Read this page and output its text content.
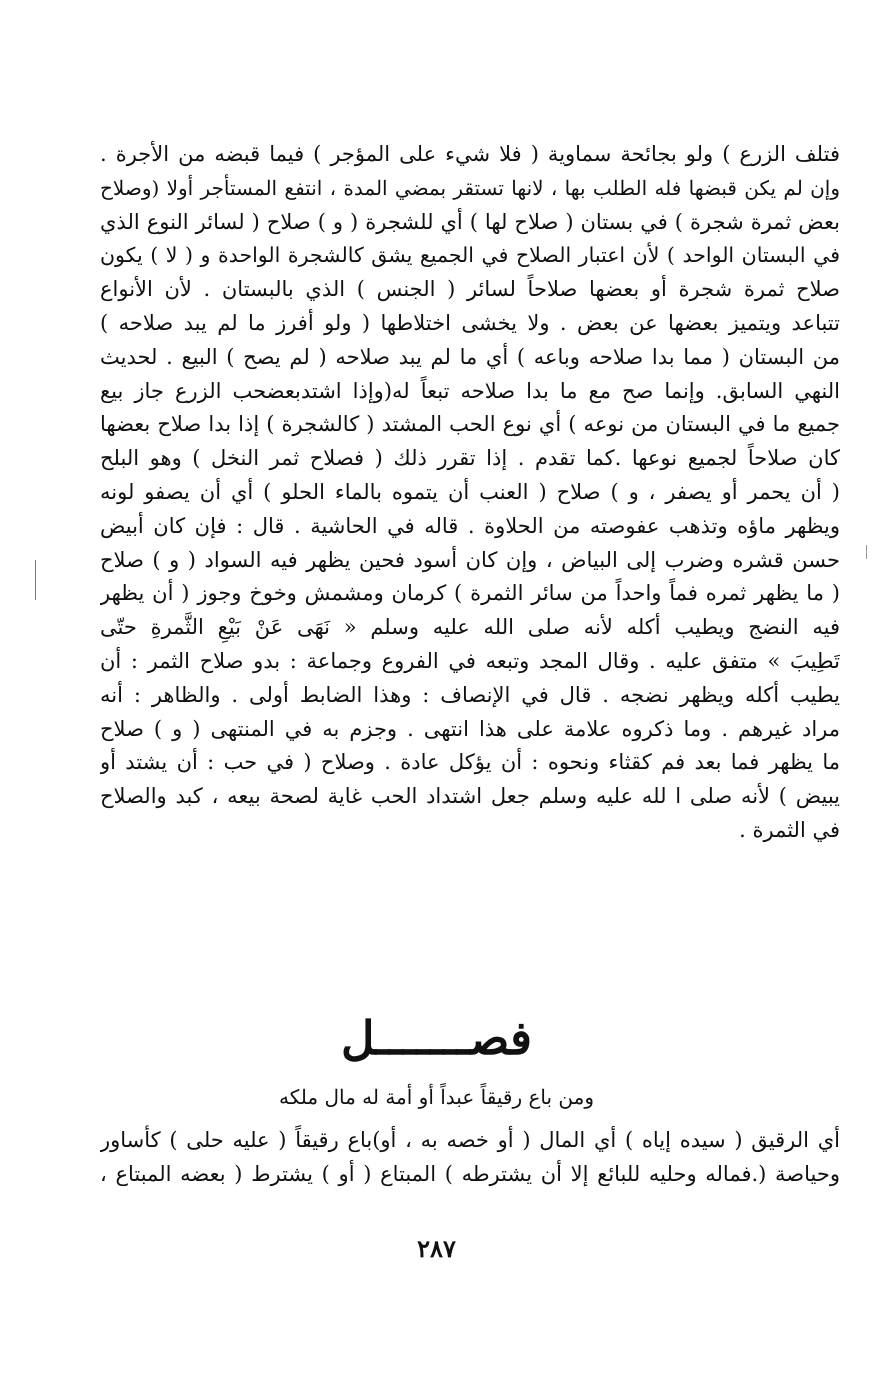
فتلف الزرع ) ولو بجائحة سماوية ( فلا شيء على المؤجر ) فيما قبضه من الأجرة .
وإن لم يكن قبضها فله الطلب بها ، لانها تستقر بمضي المدة ، انتفع المستأجر أولا (وصلاح
بعض ثمرة شجرة ) في بستان ( صلاح لها ) أي للشجرة ( و ) صلاح ( لسائر النوع الذي
في البستان الواحد ) لأن اعتبار الصلاح في الجميع يشق كالشجرة الواحدة و ( لا ) يكون
صلاح ثمرة شجرة أو بعضها صلاحاً لسائر ( الجنس ) الذي بالبستان . لأن الأنواع
تتباعد ويتميز بعضها عن بعض . ولا يخشى اختلاطها ( ولو أفرز ما لم يبد صلاحه )
من البستان ( مما بدا صلاحه وباعه ) أي ما لم يبد صلاحه ( لم يصح ) البيع . لحديث
النهي السابق. وإنما صح مع ما بدا صلاحه تبعاً له(وإذا اشتدبعضحب الزرع جاز بيع
جميع ما في البستان من نوعه ) أي نوع الحب المشتد ( كالشجرة ) إذا بدا صلاح بعضها
كان صلاحاً لجميع نوعها .كما تقدم . إذا تقرر ذلك ( فصلاح ثمر النخل ) وهو البلح
( أن يحمر أو يصفر ، و ) صلاح ( العنب أن يتموه بالماء الحلو ) أي أن يصفو لونه
ويظهر ماؤه وتذهب عفوصته من الحلاوة . قاله في الحاشية . قال : فإن كان أبيض
حسن قشره وضرب إلى البياض ، وإن كان أسود فحين يظهر فيه السواد ( و ) صلاح
( ما يظهر ثمره فماً واحداً من سائر الثمرة ) كرمان ومشمش وخوخ وجوز ( أن يظهر
فيه النضج ويطيب أكله لأنه صلى الله عليه وسلم « نَهَى عَنْ بَيْعِ الثَّمرةِ حتّى
تَطِيبَ » متفق عليه . وقال المجد وتبعه في الفروع وجماعة : بدو صلاح الثمر : أن
يطيب أكله ويظهر نضجه . قال في الإنصاف : وهذا الضابط أولى . والظاهر : أنه
مراد غيرهم . وما ذكروه علامة على هذا انتهى . وجزم به في المنتهى ( و ) صلاح
ما يظهر فما بعد فم كقثاء ونحوه : أن يؤكل عادة . وصلاح ( في حب : أن يشتد أو
يبيض ) لأنه صلى ا لله عليه وسلم جعل اشتداد الحب غاية لصحة بيعه ، كبد والصلاح
في الثمرة .
فصـــــــل

ومن باع رقيقاً عبداً أو أمة له مال ملكه

أي الرقيق ( سيده إياه ) أي المال ( أو خصه به ، أو)باع رقيقاً ( عليه حلى ) كأساور
وحياصة (.فماله وحليه للبائع إلا أن يشترطه ) المبتاع ( أو ) يشترط ( بعضه المبتاع ،

٢٨٧
